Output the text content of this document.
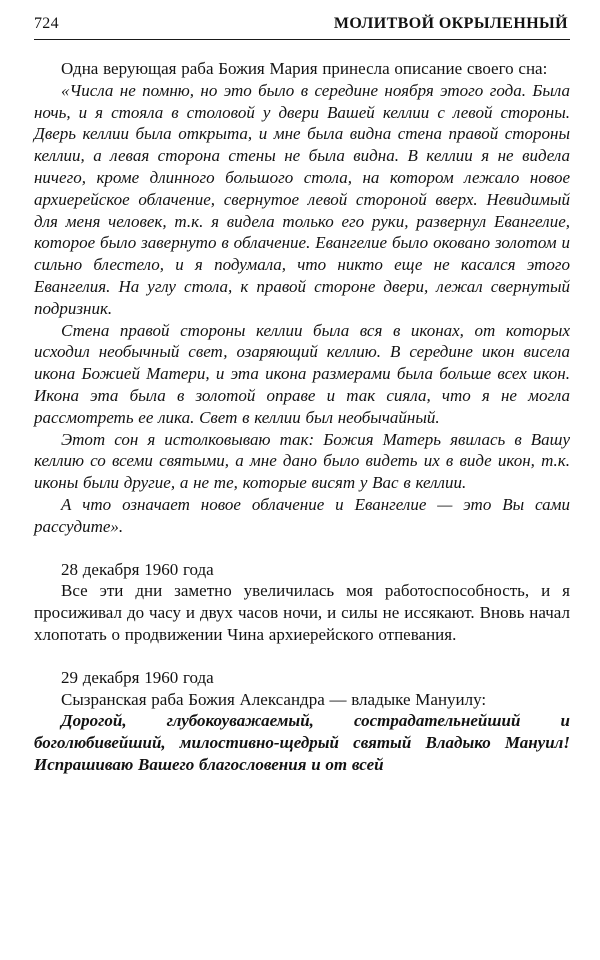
724	МОЛИТВОЙ ОКРЫЛЕННЫЙ

Одна верующая раба Божия Мария принесла описание своего сна:

«Числа не помню, но это было в середине ноября этого года. Была ночь, и я стояла в столовой у двери Вашей келлии с левой стороны. Дверь келлии была открыта, и мне была видна стена правой стороны келлии, а левая сторона стены не была видна. В келлии я не видела ничего, кроме длинного большого стола, на котором лежало новое архиерейское облачение, свернутое левой стороной вверх. Невидимый для меня человек, т.к. я видела только его руки, развернул Евангелие, которое было завернуто в облачение. Евангелие было оковано золотом и сильно блестело, и я подумала, что никто еще не касался этого Евангелия. На углу стола, к правой стороне двери, лежал свернутый подризник.

Стена правой стороны келлии была вся в иконах, от которых исходил необычный свет, озаряющий келлию. В середине икон висела икона Божией Матери, и эта икона размерами была больше всех икон. Икона эта была в золотой оправе и так сияла, что я не могла рассмотреть ее лика. Свет в келлии был необычайный.

Этот сон я истолковываю так: Божия Матерь явилась в Вашу келлию со всеми святыми, а мне дано было видеть их в виде икон, т.к. иконы были другие, а не те, которые висят у Вас в келлии.

А что означает новое облачение и Евангелие — это Вы сами рассудите».

28 декабря 1960 года

Все эти дни заметно увеличилась моя работоспособность, и я просиживал до часу и двух часов ночи, и силы не иссякают. Вновь начал хлопотать о продвижении Чина архиерейского отпевания.

29 декабря 1960 года

Сызранская раба Божия Александра — владыке Мануилу:

Дорогой, глубокоуважаемый, сострадательнейший и боголюбивейший, милостивно-щедрый святый Владыко Мануил! Испрашиваю Вашего благословения и от всей
